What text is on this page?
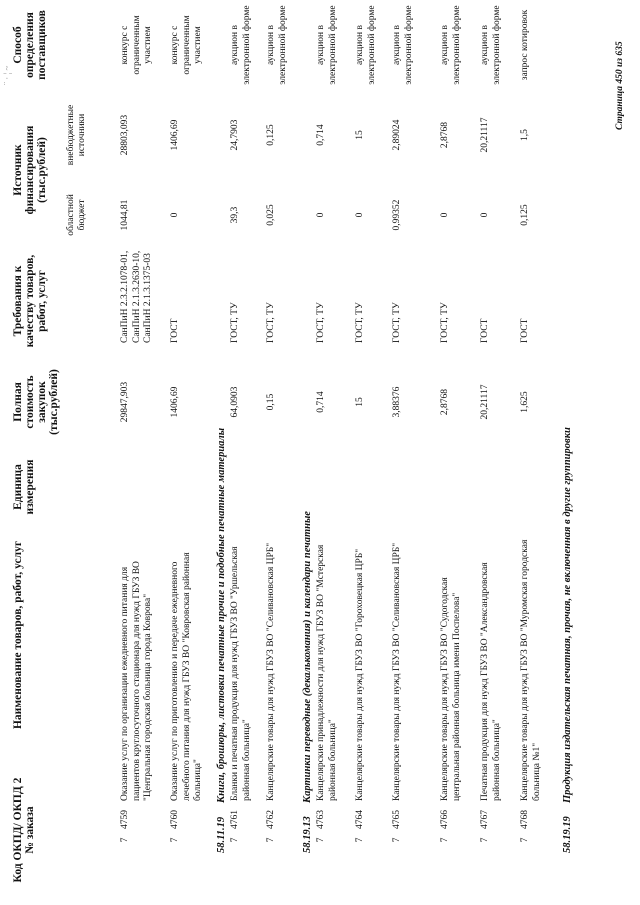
Код ОКПД/ ОКПД 2 № заказа
Наименование товаров, работ, услуг
Единица измерения
Полная стоимость закупок (тыс.рублей)
Требования к качеству товаров, работ, услуг
Источник финансирования (тыс.рублей)
областной бюджет
внебюджетные источники
Способ определения поставщиков
7
4759
Оказание услуг по организации ежедневного питания для пациентов круглосуточного стационара для нужд ГБУЗ ВО "Центральная городская больница города Коврова"
29847,903
СанПиН 2.3.2.1078-01, СанПиН 2.1.3.2630-10, СанПиН 2.1.3.1375-03
1044,81
28803,093
конкурс с ограниченным участием
7
4760
Оказание услуг по приготовлению и передаче ежедневного лечебного питания для нужд ГБУЗ ВО "Ковровская районная больница"
1406,69
ГОСТ
0
1406,69
конкурс с ограниченным участием
58.11.19
Книги, брошюры, листовки печатные прочие и подобные печатные материалы
7
4761
Бланки и печатная продукция для нужд ГБУЗ ВО "Уршельская районная больница"
64,0903
ГОСТ, ТУ
39,3
24,7903
аукцион в электронной форме
7
4762
Канцелярские товары для нужд ГБУЗ ВО "Селивановская ЦРБ"
0,15
ГОСТ, ТУ
0,025
0,125
аукцион в электронной форме
58.19.13
Картинки переводные (декалькомания) и календари печатные
7
4763
Канцелярские принадлежности для нужд ГБУЗ ВО "Мстерская районная больница"
0,714
ГОСТ, ТУ
0
0,714
аукцион в электронной форме
7
4764
Канцелярские товары для нужд ГБУЗ ВО "Гороховецкая ЦРБ"
15
ГОСТ, ТУ
0
15
аукцион в электронной форме
7
4765
Канцелярские товары для нужд ГБУЗ ВО "Селивановская ЦРБ"
3,88376
ГОСТ, ТУ
0,99352
2,89024
аукцион в электронной форме
7
4766
Канцелярские товары для нужд ГБУЗ ВО "Судогодская центральная районная больница имени Поспелова"
2,8768
ГОСТ, ТУ
0
2,8768
аукцион в электронной форме
7
4767
Печатная продукция для нужд ГБУЗ ВО "Александровская районная больница"
20,21117
ГОСТ
0
20,21117
аукцион в электронной форме
7
4768
Канцелярские товары для нужд ГБУЗ ВО "Муромская городская больница №1"
1,625
ГОСТ
0,125
1,5
запрос котировок
58.19.19
Продукция издательская печатная, прочая, не включенная в другие группировки
Страница 450 из 635
¨ · ¦ ~
